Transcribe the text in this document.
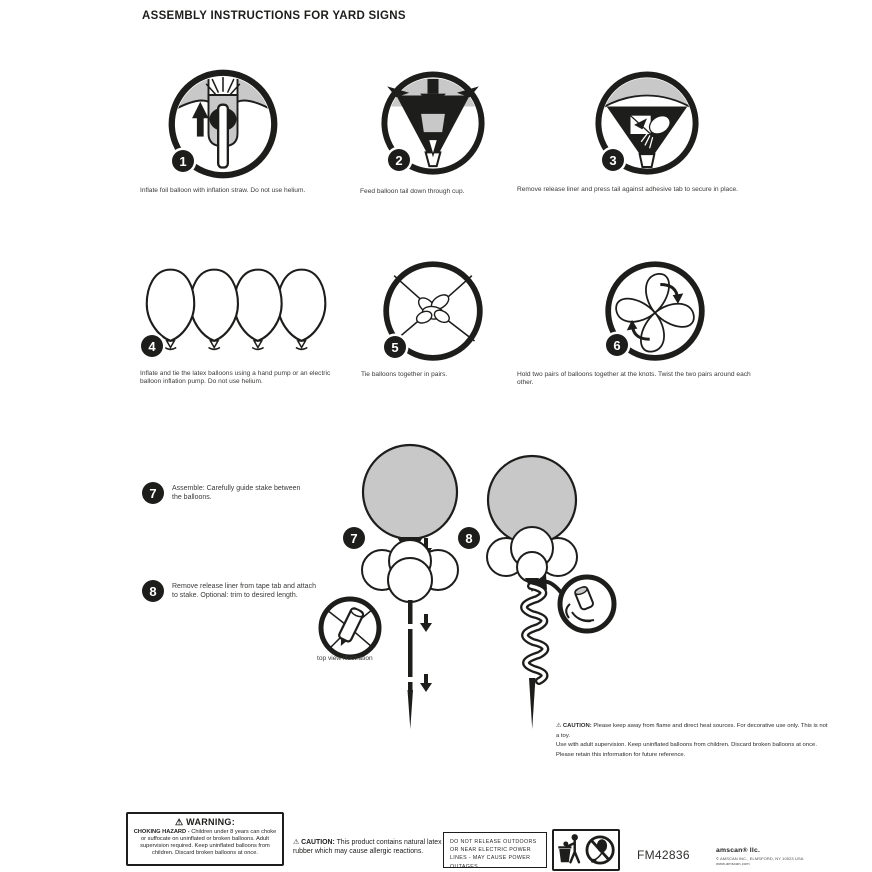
ASSEMBLY INSTRUCTIONS FOR YARD SIGNS
1
Inflate foil balloon with inflation straw. Do not use helium.
2
Feed balloon tail down through cup.
3
Remove release liner and press tail against adhesive tab to secure in place.
4
Inflate and tie the latex balloons using a hand pump or an electric balloon inflation pump. Do not use helium.
5
Tie balloons together in pairs.
6
Hold two pairs of balloons together at the knots. Twist the two pairs around each other.
7 Assemble: Carefully guide stake between the balloons.
8 Remove release liner from tape tab and attach to stake. Optional: trim to desired length.
7	8
top view illustration
⚠ CAUTION: Please keep away from flame and direct heat sources. For decorative use only. This is not a toy.
Use with adult supervision. Keep uninflated balloons from children. Discard broken balloons at once.
Please retain this information for future reference.
⚠ WARNING:
CHOKING HAZARD - Children under 8 years can choke or suffocate on uninflated or broken balloons. Adult supervision required. Keep uninflated balloons from children. Discard broken balloons at once.
⚠ CAUTION: This product contains natural latex rubber which may cause allergic reactions.
DO NOT RELEASE OUTDOORS OR NEAR ELECTRIC POWER LINES - MAY CAUSE POWER OUTAGES.
FM42836	amscan® llc.
© AMSCAN INC., ELMSFORD, NY 10523 USA www.amscan.com
